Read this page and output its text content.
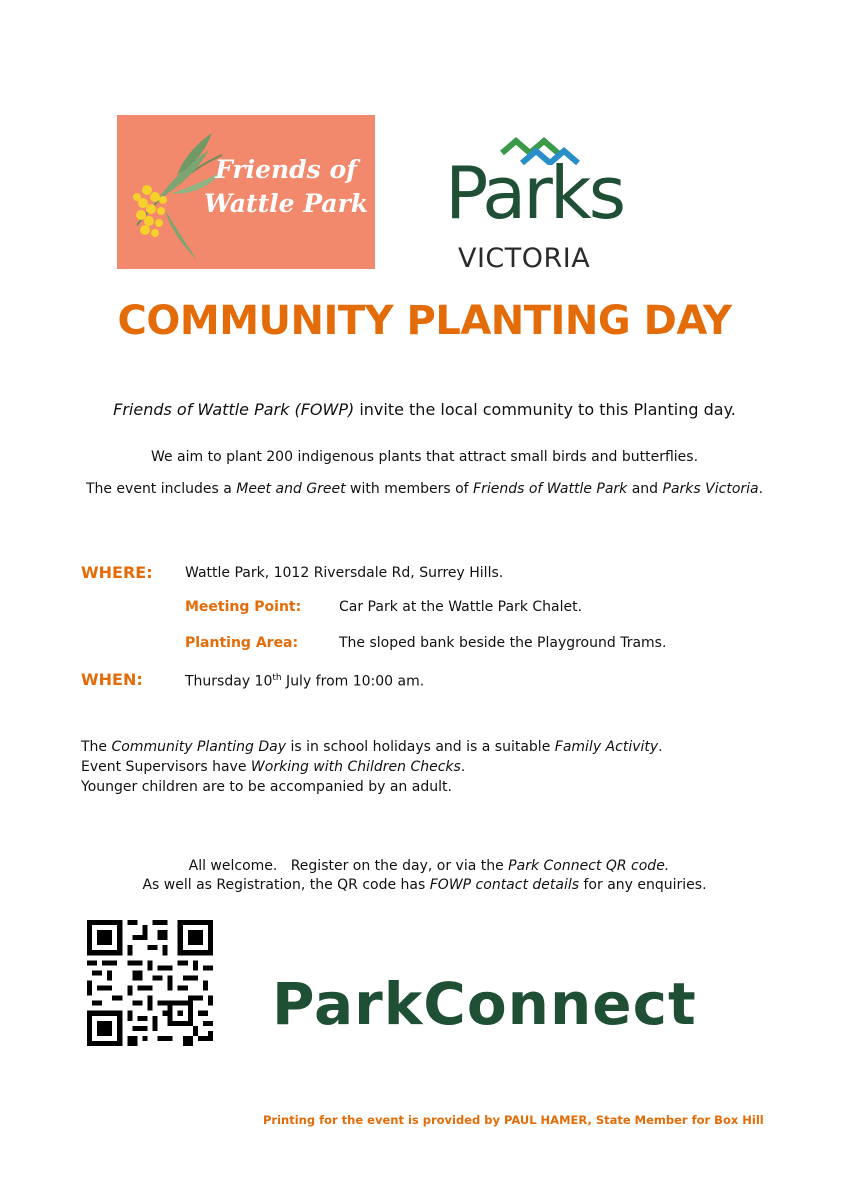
Friends of
Wattle Park Parks
VICTORIA
COMMUNITY PLANTING DAY
Friends of Wattle Park (FOWP) invite the local community to this Planting day.
We aim to plant 200 indigenous plants that attract small birds and butterflies.
The event includes a Meet and Greet with members of Friends of Wattle Park and Parks Victoria.
WHERE: Wattle Park, 1012 Riversdale Rd, Surrey Hills.
Meeting Point:	Car Park at the Wattle Park Chalet.
Planting Area:	The sloped bank beside the Playground Trams.
WHEN:	Thursday 10th July from 10:00 am.
The Community Planting Day is in school holidays and is a suitable Family Activity.
Event Supervisors have Working with Children Checks.
Younger children are to be accompanied by an adult.

All welcome.   Register on the day, or via the Park Connect QR code.

As well as Registration, the QR code has FOWP contact details for any enquiries.
ParkConnect
Printing for the event is provided by PAUL HAMER, State Member for Box Hill
